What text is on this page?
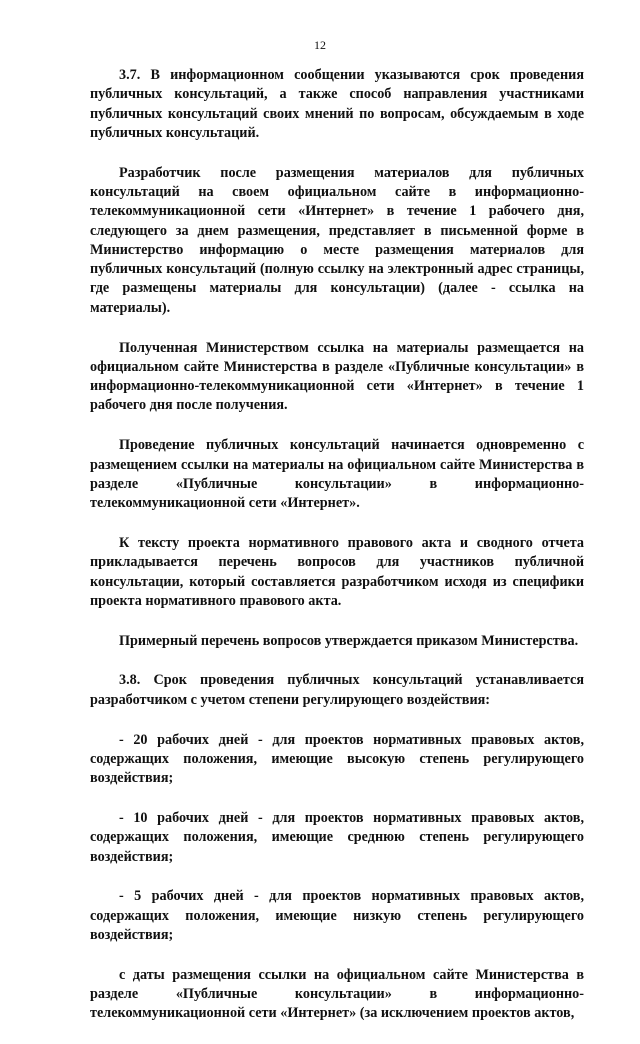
12

3.7. В информационном сообщении указываются срок проведения публичных консультаций, а также способ направления участниками публичных консультаций своих мнений по вопросам, обсуждаемым в ходе публичных консультаций.

Разработчик после размещения материалов для публичных консультаций на своем официальном сайте в информационно-телекоммуникационной сети «Интернет» в течение 1 рабочего дня, следующего за днем размещения, представляет в письменной форме в Министерство информацию о месте размещения материалов для публичных консультаций (полную ссылку на электронный адрес страницы, где размещены материалы для консультации) (далее - ссылка на материалы).

Полученная Министерством ссылка на материалы размещается на официальном сайте Министерства в разделе «Публичные консультации» в информационно-телекоммуникационной сети «Интернет» в течение 1 рабочего дня после получения.

Проведение публичных консультаций начинается одновременно с размещением ссылки на материалы на официальном сайте Министерства в разделе «Публичные консультации» в информационно-телекоммуникационной сети «Интернет».

К тексту проекта нормативного правового акта и сводного отчета прикладывается перечень вопросов для участников публичной консультации, который составляется разработчиком исходя из специфики проекта нормативного правового акта.

Примерный перечень вопросов утверждается приказом Министерства.

3.8. Срок проведения публичных консультаций устанавливается разработчиком с учетом степени регулирующего воздействия:

- 20 рабочих дней - для проектов нормативных правовых актов, содержащих положения, имеющие высокую степень регулирующего воздействия;

- 10 рабочих дней - для проектов нормативных правовых актов, содержащих положения, имеющие среднюю степень регулирующего воздействия;

- 5 рабочих дней - для проектов нормативных правовых актов, содержащих положения, имеющие низкую степень регулирующего воздействия;

с даты размещения ссылки на официальном сайте Министерства в разделе «Публичные консультации» в информационно-телекоммуникационной сети «Интернет» (за исключением проектов актов,
